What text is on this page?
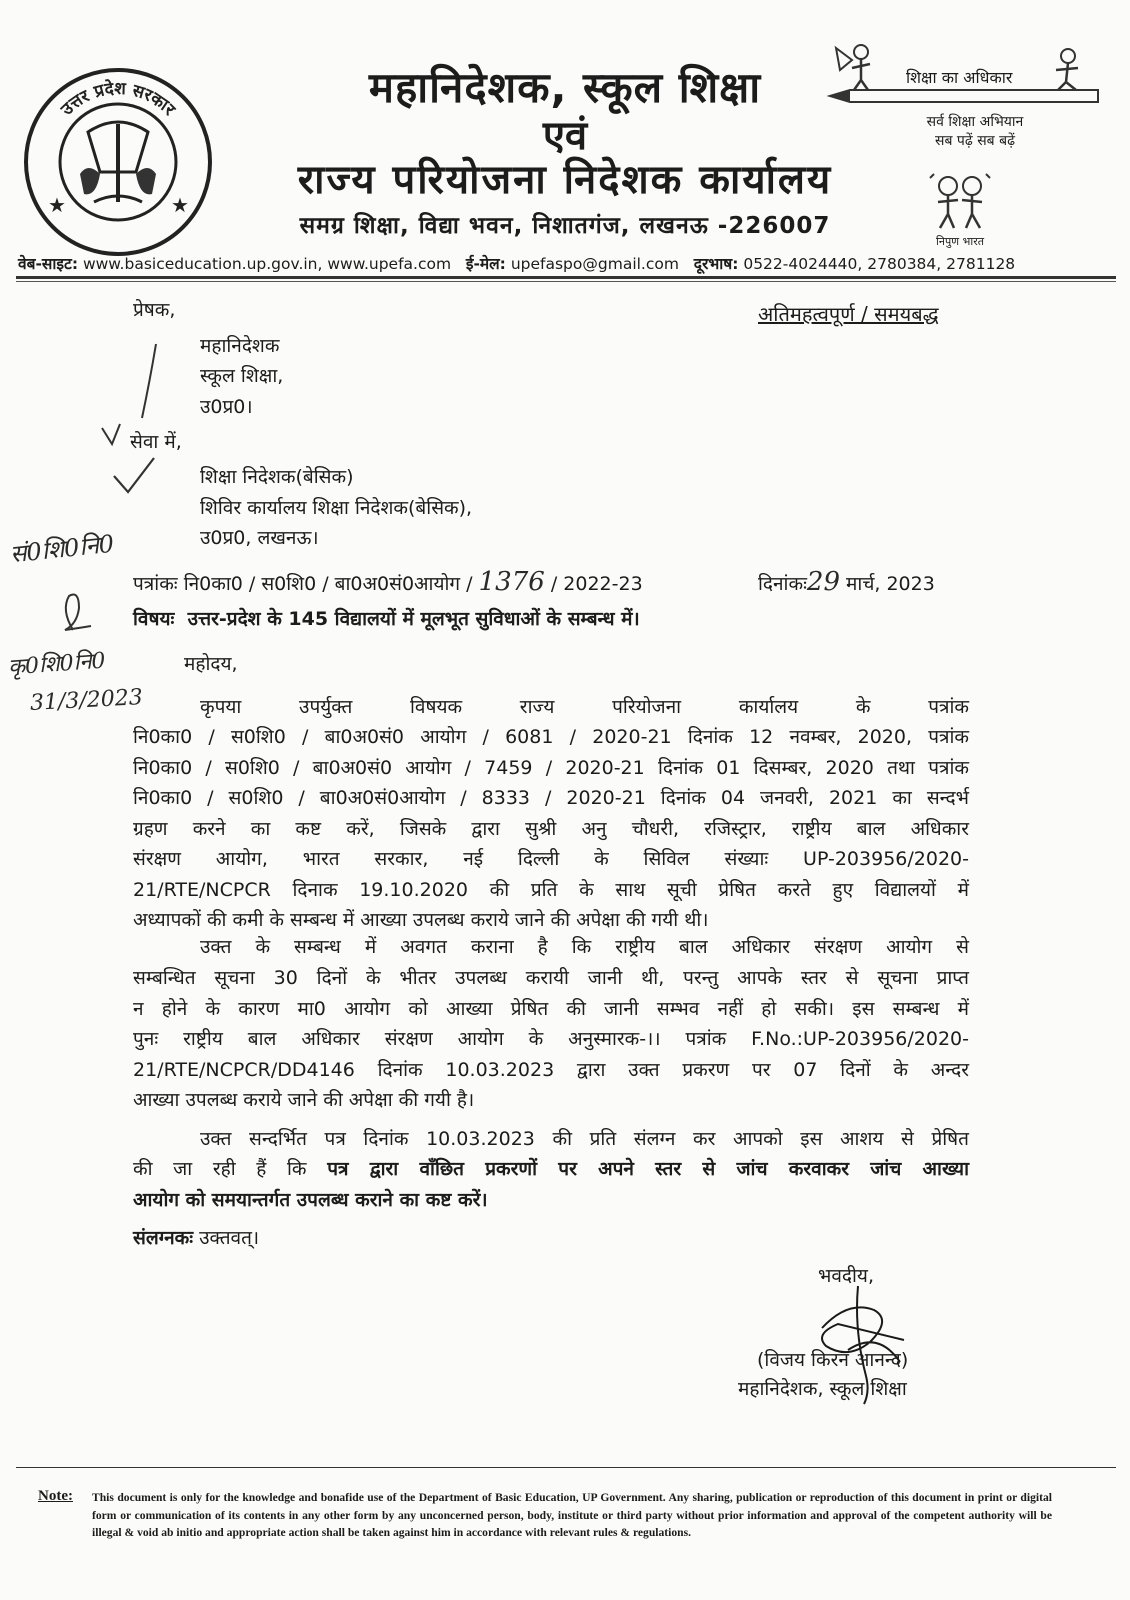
उत्तर प्रदेश सरकार
★	★
महानिदेशक, स्कूल शिक्षा
एवं
राज्य परियोजना निदेशक कार्यालय
समग्र शिक्षा, विद्या भवन, निशातगंज, लखनऊ -226007
शिक्षा का अधिकार
सर्व शिक्षा अभियान
सब पढ़ें सब बढ़ें
निपुण भारत
वेब-साइट: www.basiceducation.up.gov.in, www.upefa.com ई-मेल: upefaspo@gmail.com दूरभाष: 0522-4024440, 2780384, 2781128
प्रेषक,	अतिमहत्वपूर्ण / समयबद्ध
महानिदेशक
स्कूल शिक्षा,
उ0प्र0।
सेवा में,
शिक्षा निदेशक(बेसिक)
शिविर कार्यालय शिक्षा निदेशक(बेसिक),
उ0प्र0, लखनऊ।
सं0शि0नि0
पत्रांकः नि0का0 / स0शि0 / बा0अ0सं0आयोग / 1376 / 2022-23	दिनांकः29 मार्च, 2023
विषयः उत्तर-प्रदेश के 145 विद्यालयों में मूलभूत सुविधाओं के सम्बन्ध में।
कृ0शि0नि0	महोदय,
31/3/2023	कृपया उपर्युक्त विषयक राज्य परियोजना कार्यालय के पत्रांक
नि0का0 / स0शि0 / बा0अ0सं0 आयोग / 6081 / 2020-21 दिनांक 12 नवम्बर, 2020, पत्रांक
नि0का0 / स0शि0 / बा0अ0सं0 आयोग / 7459 / 2020-21 दिनांक 01 दिसम्बर, 2020 तथा पत्रांक
नि0का0 / स0शि0 / बा0अ0सं0आयोग / 8333 / 2020-21 दिनांक 04 जनवरी, 2021 का सन्दर्भ
ग्रहण करने का कष्ट करें, जिसके द्वारा सुश्री अनु चौधरी, रजिस्ट्रार, राष्ट्रीय बाल अधिकार
संरक्षण आयोग, भारत सरकार, नई दिल्ली के सिविल संख्याः UP-203956/2020-
21/RTE/NCPCR दिनाक 19.10.2020 की प्रति के साथ सूची प्रेषित करते हुए विद्यालयों में
अध्यापकों की कमी के सम्बन्ध में आख्या उपलब्ध कराये जाने की अपेक्षा की गयी थी।
उक्त के सम्बन्ध में अवगत कराना है कि राष्ट्रीय बाल अधिकार संरक्षण आयोग से
सम्बन्धित सूचना 30 दिनों के भीतर उपलब्ध करायी जानी थी, परन्तु आपके स्तर से सूचना प्राप्त
न होने के कारण मा0 आयोग को आख्या प्रेषित की जानी सम्भव नहीं हो सकी। इस सम्बन्ध में
पुनः राष्ट्रीय बाल अधिकार संरक्षण आयोग के अनुस्मारक-।। पत्रांक F.No.:UP-203956/2020-
21/RTE/NCPCR/DD4146 दिनांक 10.03.2023 द्वारा उक्त प्रकरण पर 07 दिनों के अन्दर
आख्या उपलब्ध कराये जाने की अपेक्षा की गयी है।
उक्त सन्दर्भित पत्र दिनांक 10.03.2023 की प्रति संलग्न कर आपको इस आशय से प्रेषित
की जा रही हैं कि पत्र द्वारा वाँछित प्रकरणों पर अपने स्तर से जांच करवाकर जांच आख्या
आयोग को समयान्तर्गत उपलब्ध कराने का कष्ट करें।
संलग्नकः उक्तवत्।
भवदीय,
(विजय किरन आनन्द)
महानिदेशक, स्कूल शिक्षा
Note: This document is only for the knowledge and bonafide use of the Department of Basic Education, UP Government. Any sharing, publication or reproduction of this document in print or digital form or communication of its contents in any other form by any unconcerned person, body, institute or third party without prior information and approval of the competent authority will be illegal & void ab initio and appropriate action shall be taken against him in accordance with relevant rules & regulations.
